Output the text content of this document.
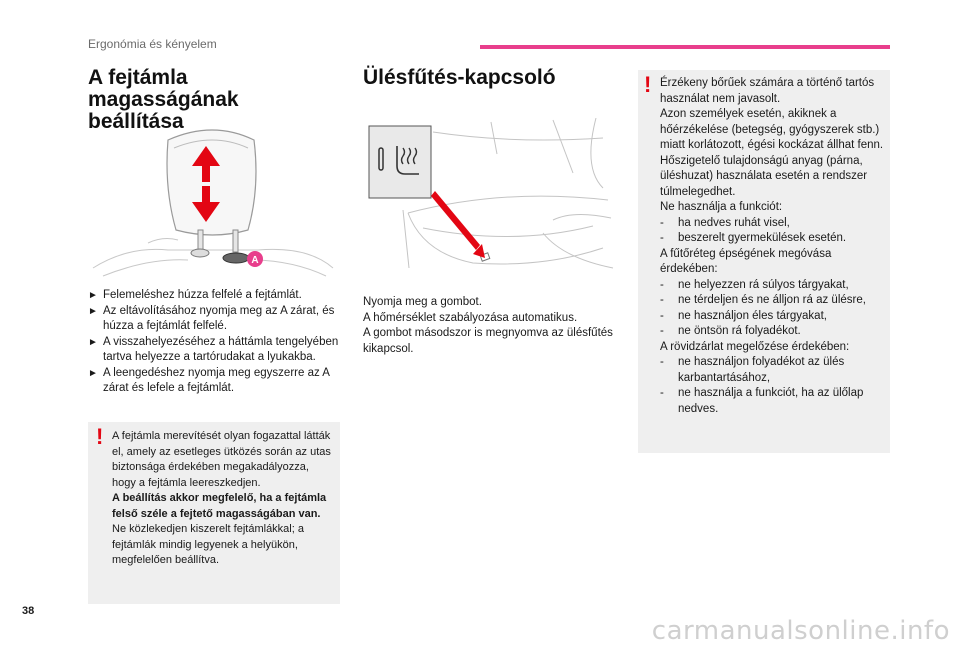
Ergonómia és kényelem
A fejtámla magasságának beállítása
A
► Felemeléshez húzza felfelé a fejtámlát.
► Az eltávolításához nyomja meg az A zárat, és húzza a fejtámlát felfelé.
► A visszahelyezéséhez a háttámla tengelyében tartva helyezze a tartórudakat a lyukakba.
► A leengedéshez nyomja meg egyszerre az A zárat és lefele a fejtámlát.
! A fejtámla merevítését olyan fogazattal látták el, amely az esetleges ütközés során az utas biztonsága érdekében megakadályozza, hogy a fejtámla leereszkedjen.
A beállítás akkor megfelelő, ha a fejtámla felső széle a fejtető magasságában van.
Ne közlekedjen kiszerelt fejtámlákkal; a fejtámlák mindig legyenek a helyükön, megfelelően beállítva.
Ülésfűtés-kapcsoló
Nyomja meg a gombot.
A hőmérséklet szabályozása automatikus.
A gombot másodszor is megnyomva az ülésfűtés kikapcsol.
! Érzékeny bőrűek számára a történő tartós használat nem javasolt.
Azon személyek esetén, akiknek a hőérzékelése (betegség, gyógyszerek stb.) miatt korlátozott, égési kockázat állhat fenn.
Hőszigetelő tulajdonságú anyag (párna, üléshuzat) használata esetén a rendszer túlmelegedhet.
Ne használja a funkciót:
- ha nedves ruhát visel,
- beszerelt gyermekülések esetén.
A fűtőréteg épségének megóvása érdekében:
- ne helyezzen rá súlyos tárgyakat,
- ne térdeljen és ne álljon rá az ülésre,
- ne használjon éles tárgyakat,
- ne öntsön rá folyadékot.
A rövidzárlat megelőzése érdekében:
- ne használjon folyadékot az ülés karbantartásához,
- ne használja a funkciót, ha az ülőlap nedves.
38
carmanualsonline.info
